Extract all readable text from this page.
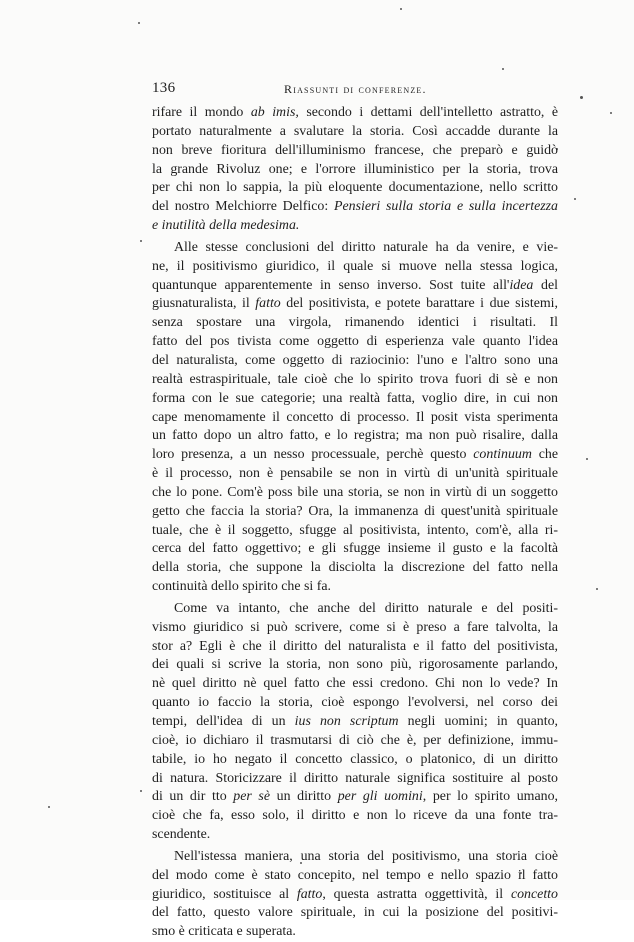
136	Riassunti di conferenze.
rifare il mondo ab imis, secondo i dettami dell'intelletto astratto, è
portato naturalmente a svalutare la storia. Così accadde durante la
non breve fioritura dell'illuminismo francese, che preparò e guidò
la grande Rivoluz one; e l'orrore illuministico per la storia, trova
per chi non lo sappia, la più eloquente documentazione, nello scritto
del nostro Melchiorre Delfico: Pensieri sulla storia e sulla incertezza
e inutilità della medesima.
Alle stesse conclusioni del diritto naturale ha da venire, e vie-
ne, il positivismo giuridico, il quale si muove nella stessa logica,
quantunque apparentemente in senso inverso. Sost tuite all'idea del
giusnaturalista, il fatto del positivista, e potete barattare i due sistemi,
senza spostare una virgola, rimanendo identici i risultati. Il
fatto del pos tivista come oggetto di esperienza vale quanto l'idea
del naturalista, come oggetto di raziocinio: l'uno e l'altro sono una
realtà estraspirituale, tale cioè che lo spirito trova fuori di sè e non
forma con le sue categorie; una realtà fatta, voglio dire, in cui non
cape menomamente il concetto di processo. Il posit vista sperimenta
un fatto dopo un altro fatto, e lo registra; ma non può risalire, dalla
loro presenza, a un nesso processuale, perchè questo continuum che
è il processo, non è pensabile se non in virtù di un'unità spirituale
che lo pone. Com'è poss bile una storia, se non in virtù di un soggetto
getto che faccia la storia? Ora, la immanenza di quest'unità spirituale
tuale, che è il soggetto, sfugge al positivista, intento, com'è, alla ri-
cerca del fatto oggettivo; e gli sfugge insieme il gusto e la facoltà
della storia, che suppone la disciolta la discrezione del fatto nella
continuità dello spirito che si fa.
Come va intanto, che anche del diritto naturale e del positi-
vismo giuridico si può scrivere, come si è preso a fare talvolta, la
stor a? Egli è che il diritto del naturalista e il fatto del positivista,
dei quali si scrive la storia, non sono più, rigorosamente parlando,
nè quel diritto nè quel fatto che essi credono. Chi non lo vede? In
quanto io faccio la storia, cioè espongo l'evolversi, nel corso dei
tempi, dell'idea di un ius non scriptum negli uomini; in quanto,
cioè, io dichiaro il trasmutarsi di ciò che è, per definizione, immu-
tabile, io ho negato il concetto classico, o platonico, di un diritto
di natura. Storicizzare il diritto naturale significa sostituire al posto
di un dir tto per sè un diritto per gli uomini, per lo spirito umano,
cioè che fa, esso solo, il diritto e non lo riceve da una fonte tra-
scendente.
Nell'istessa maniera, una storia del positivismo, una storia cioè
del modo come è stato concepito, nel tempo e nello spazio il fatto
giuridico, sostituisce al fatto, questa astratta oggettività, il concetto
del fatto, questo valore spirituale, in cui la posizione del positivi-
smo è criticata e superata.
